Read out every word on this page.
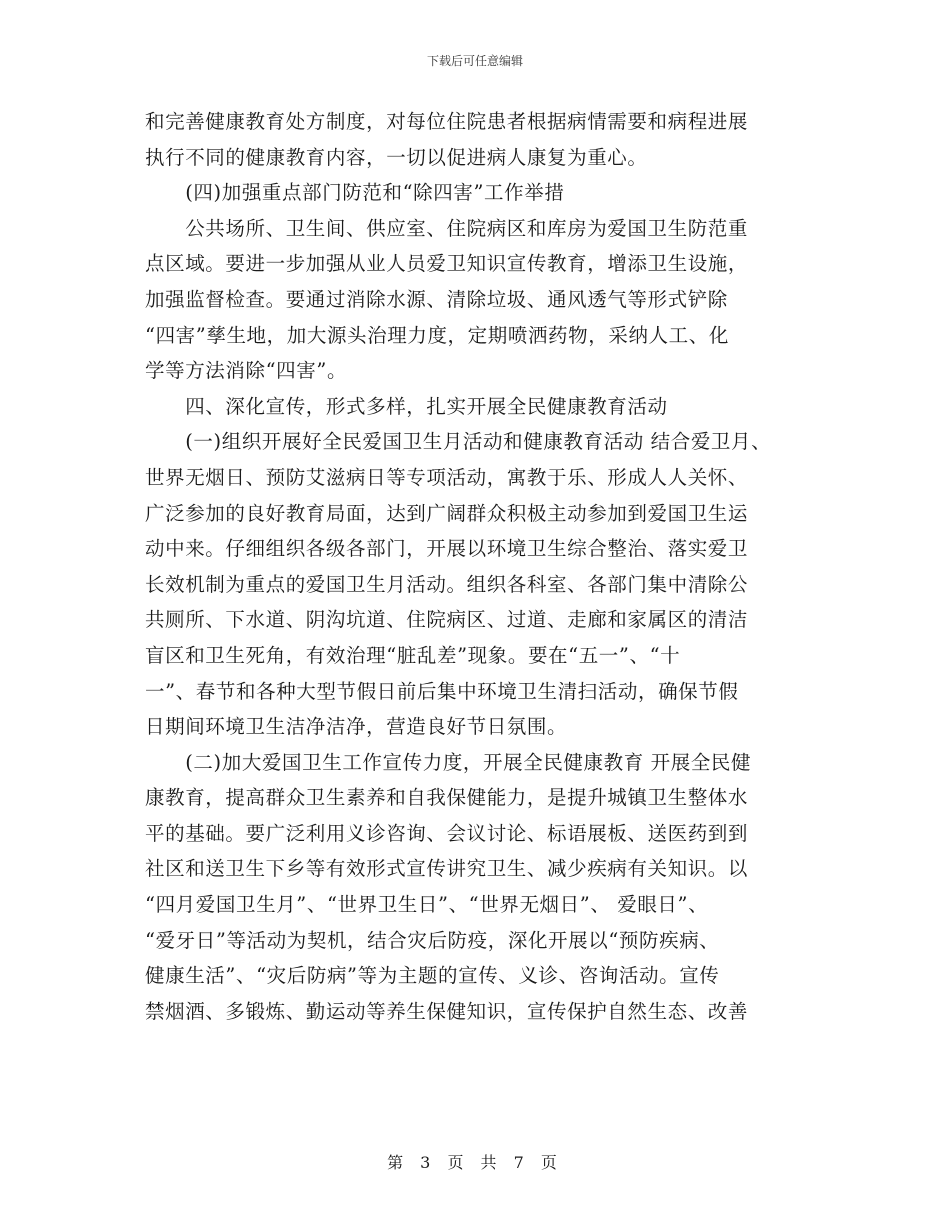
下载后可任意编辑
和完善健康教育处方制度，对每位住院患者根据病情需要和病程进展
执行不同的健康教育内容，一切以促进病人康复为重心。
　　(四)加强重点部门防范和“除四害”工作举措
　　公共场所、卫生间、供应室、住院病区和库房为爱国卫生防范重
点区域。要进一步加强从业人员爱卫知识宣传教育，增添卫生设施，
加强监督检查。要通过消除水源、清除垃圾、通风透气等形式铲除
“四害”孳生地，加大源头治理力度，定期喷洒药物，采纳人工、化
学等方法消除“四害”。
　　四、深化宣传，形式多样，扎实开展全民健康教育活动
　　(一)组织开展好全民爱国卫生月活动和健康教育活动 结合爱卫月、
世界无烟日、预防艾滋病日等专项活动，寓教于乐、形成人人关怀、
广泛参加的良好教育局面，达到广阔群众积极主动参加到爱国卫生运
动中来。仔细组织各级各部门，开展以环境卫生综合整治、落实爱卫
长效机制为重点的爱国卫生月活动。组织各科室、各部门集中清除公
共厕所、下水道、阴沟坑道、住院病区、过道、走廊和家属区的清洁
盲区和卫生死角，有效治理“脏乱差”现象。要在“五一”、“十
一”、春节和各种大型节假日前后集中环境卫生清扫活动，确保节假
日期间环境卫生洁净洁净，营造良好节日氛围。
　　(二)加大爱国卫生工作宣传力度，开展全民健康教育 开展全民健
康教育，提高群众卫生素养和自我保健能力，是提升城镇卫生整体水
平的基础。要广泛利用义诊咨询、会议讨论、标语展板、送医药到到
社区和送卫生下乡等有效形式宣传讲究卫生、减少疾病有关知识。以
“四月爱国卫生月”、“世界卫生日”、“世界无烟日”、 爱眼日”、
“爱牙日”等活动为契机，结合灾后防疫，深化开展以“预防疾病、
健康生活”、“灾后防病”等为主题的宣传、义诊、咨询活动。宣传
禁烟酒、多锻炼、勤运动等养生保健知识，宣传保护自然生态、改善
第 3 页 共 7 页
